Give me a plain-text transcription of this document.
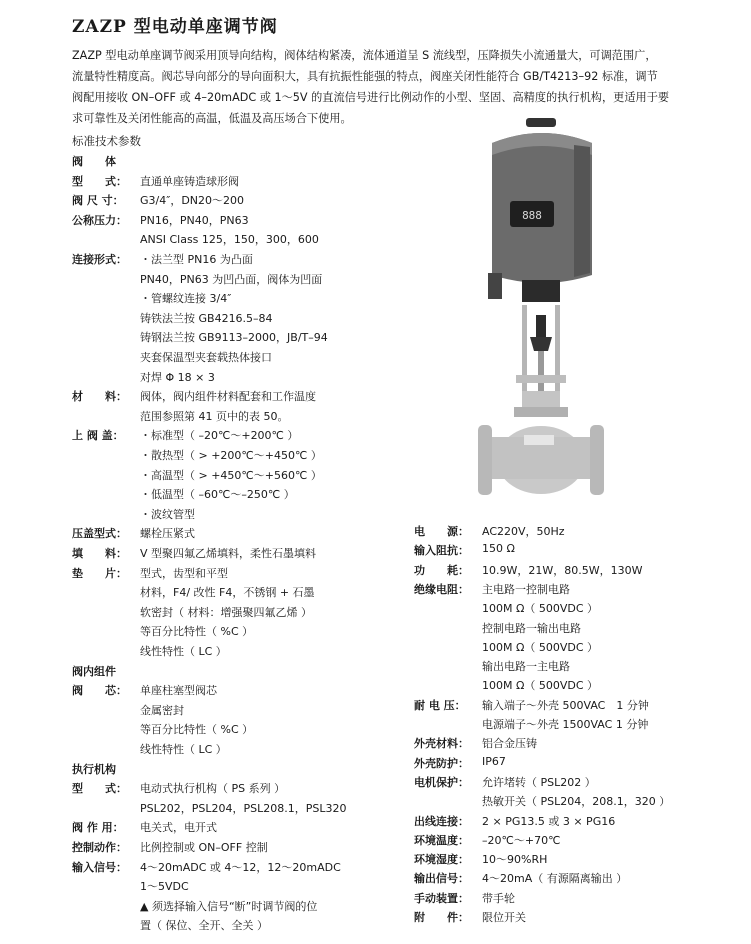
ZAZP 型电动单座调节阀
ZAZP 型电动单座调节阀采用顶导向结构，阀体结构紧凑，流体通道呈 S 流线型，压降损失小流通量大，可调范围广，
流量特性精度高。阀芯导向部分的导向面积大，具有抗振性能强的特点，阀座关闭性能符合 GB/T4213–92 标准，调节
阀配用接收 ON–OFF 或 4–20mADC 或 1～5V 的直流信号进行比例动作的小型、坚固、高精度的执行机构，更适用于要
求可靠性及关闭性能高的高温，低温及高压场合下使用。
标准技术参数
阀　　体
型　　式： 直通单座铸造球形阀
阀 尺 寸： G3/4″，DN20～200
公称压力： PN16，PN40，PN63
ANSI Class 125，150，300，600
连接形式： ・法兰型 PN16 为凸面
PN40，PN63 为凹凸面，阀体为凹面
・管螺纹连接 3/4″
铸铁法兰按 GB4216.5–84
铸钢法兰按 GB9113–2000，JB/T–94
夹套保温型夹套载热体接口
对焊 Φ 18 × 3
材　　料： 阀体，阀内组件材料配套和工作温度
范围参照第 41 页中的表 50。
上 阀 盖： ・标准型（ –20℃～+200℃ ）
・散热型（ > +200℃～+450℃ ）
・高温型（ > +450℃～+560℃ ）
・低温型（ –60℃～–250℃ ）
・波纹管型
压盖型式： 螺栓压紧式
填　　料： V 型聚四氟乙烯填料，柔性石墨填料
垫　　片： 型式，齿型和平型
材料，F4/ 改性 F4，不锈钢 + 石墨
软密封（ 材料：增强聚四氟乙烯 ）
等百分比特性（ %C ）
线性特性（ LC ）
阀内组件
阀　　芯： 单座柱塞型阀芯
金属密封
等百分比特性（ %C ）
线性特性（ LC ）
执行机构
型　　式： 电动式执行机构（ PS 系列 ）
PSL202，PSL204，PSL208.1，PSL320
阀 作 用： 电关式，电开式
控制动作： 比例控制或 ON–OFF 控制
输入信号： 4～20mADC 或 4～12，12～20mADC
1～5VDC
▲ 须选择输入信号“断”时调节阀的位
置（ 保位、全开、全关 ）
电　　源： AC220V，50Hz
输入阻抗： 150 Ω
功　　耗： 10.9W，21W，80.5W，130W
绝缘电阻： 主电路一控制电路
100M Ω（ 500VDC ）
控制电路一输出电路
100M Ω（ 500VDC ）
输出电路一主电路
100M Ω（ 500VDC ）
耐 电 压： 输入端子～外壳 500VAC　1 分钟
电源端子～外壳 1500VAC 1 分钟
外壳材料： 铝合金压铸
外壳防护： IP67
电机保护： 允许堵转（ PSL202 ）
热敏开关（ PSL204，208.1，320 ）
出线连接： 2 × PG13.5 或 3 × PG16
环境温度： –20℃～+70℃
环境湿度： 10～90%RH
输出信号： 4～20mA（ 有源隔离输出 ）
手动装置： 带手轮
附　　件： 限位开关
888
